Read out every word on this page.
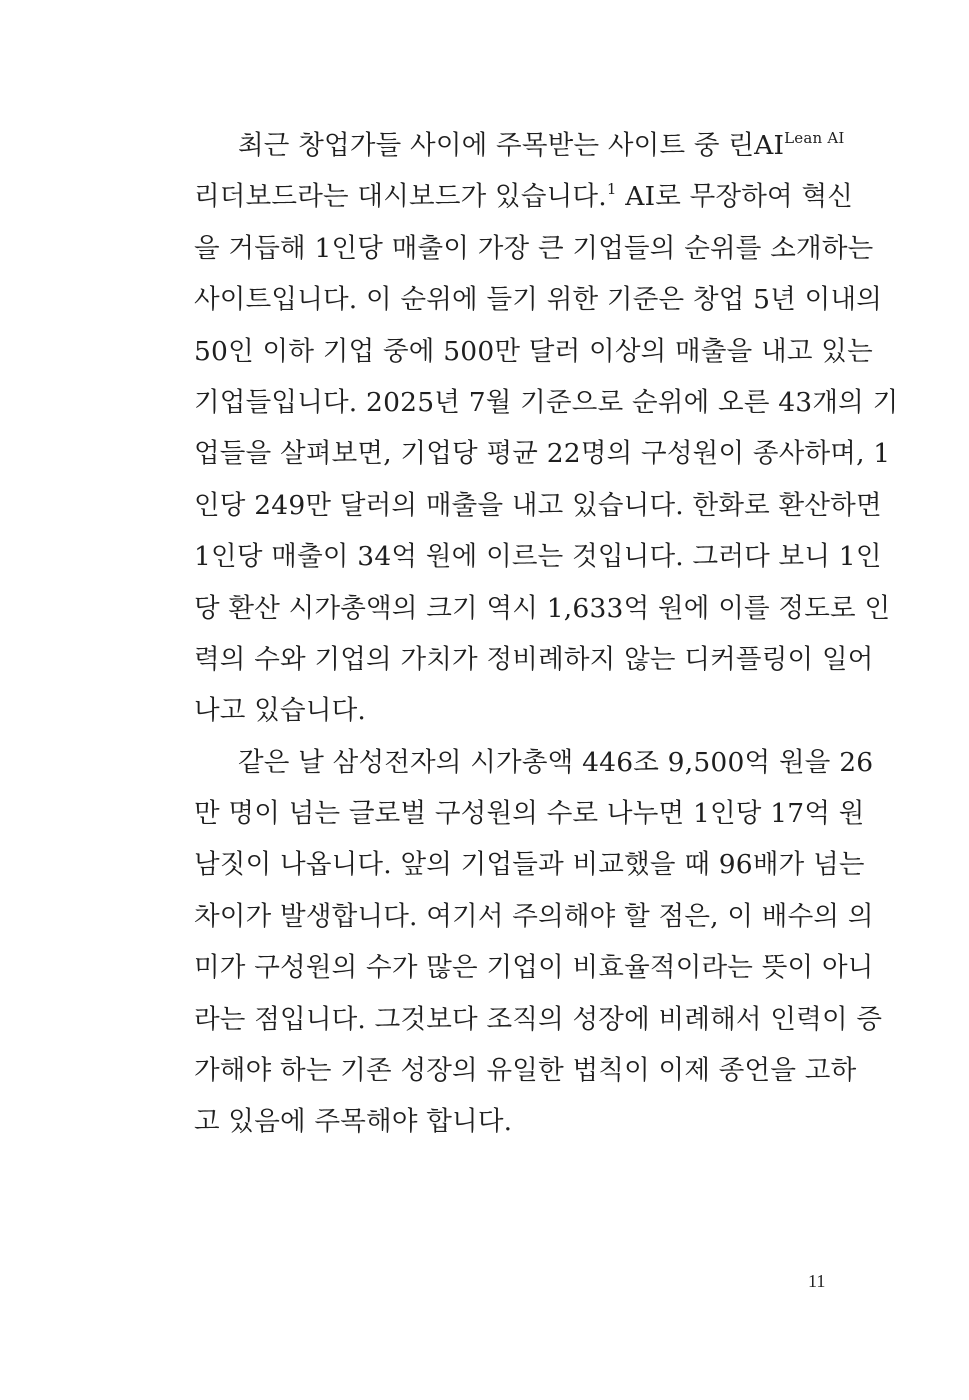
최근 창업가들 사이에 주목받는 사이트 중 린$AI^{Lean AI}$
리더보드라는 대시보드가 있습니다.$^1$ AI로 무장하여 혁신
을 거듭해 1인당 매출이 가장 큰 기업들의 순위를 소개하는
사이트입니다. 이 순위에 들기 위한 기준은 창업 5년 이내의
50인 이하 기업 중에 500만 달러 이상의 매출을 내고 있는
기업들입니다. 2025년 7월 기준으로 순위에 오른 43개의 기
업들을 살펴보면, 기업당 평균 22명의 구성원이 종사하며, 1
인당 249만 달러의 매출을 내고 있습니다. 한화로 환산하면
1인당 매출이 34억 원에 이르는 것입니다. 그러다 보니 1인
당 환산 시가총액의 크기 역시 1,633억 원에 이를 정도로 인
력의 수와 기업의 가치가 정비례하지 않는 디커플링이 일어
나고 있습니다.
같은 날 삼성전자의 시가총액 446조 9,500억 원을 26
만 명이 넘는 글로벌 구성원의 수로 나누면 1인당 17억 원
남짓이 나옵니다. 앞의 기업들과 비교했을 때 96배가 넘는
차이가 발생합니다. 여기서 주의해야 할 점은, 이 배수의 의
미가 구성원의 수가 많은 기업이 비효율적이라는 뜻이 아니
라는 점입니다. 그것보다 조직의 성장에 비례해서 인력이 증
가해야 하는 기존 성장의 유일한 법칙이 이제 종언을 고하
고 있음에 주목해야 합니다.
11
